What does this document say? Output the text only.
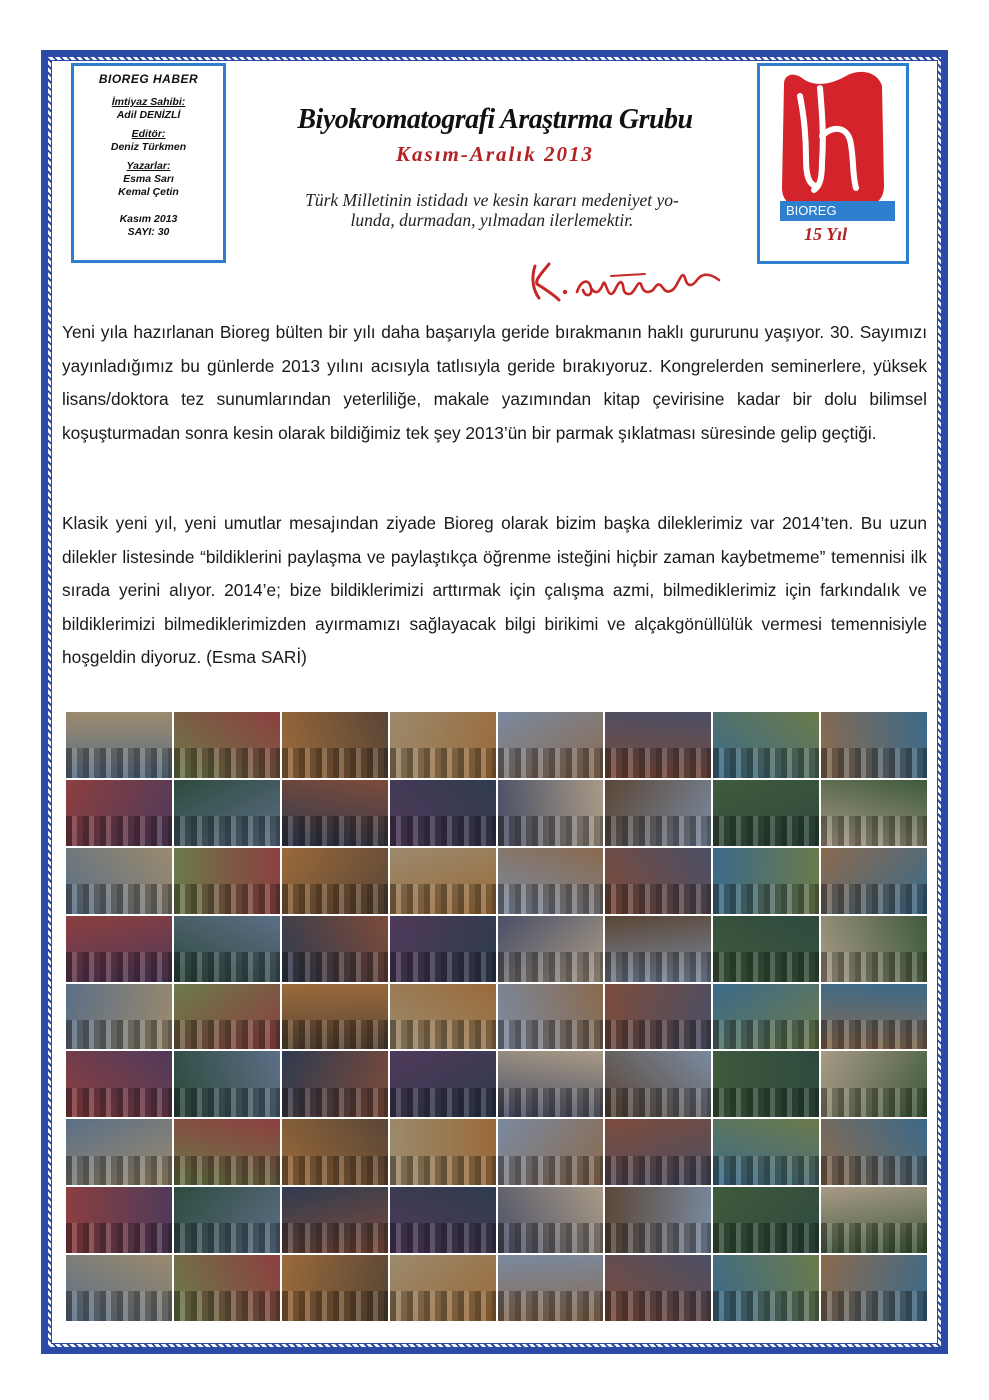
BIOREG HABER
İmtiyaz Sahibi:
Adil DENİZLİ
Editör:
Deniz Türkmen
Yazarlar:
Esma Sarı
Kemal Çetin
Kasım 2013
SAYI: 30
Biyokromatografi Araştırma Grubu
Kasım-Aralık 2013
Türk Milletinin istidadı ve kesin kararı medeniyet yo-
lunda, durmadan, yılmadan ilerlemektir.	BIOREG
15 Yıl
Yeni yıla hazırlanan Bioreg bülten bir yılı daha başarıyla geride bırakmanın haklı gururunu yaşıyor. 30. Sayımızı yayınladığımız bu günlerde 2013 yılını acısıyla tatlısıyla geride bırakıyoruz. Kongrelerden seminerlere, yüksek lisans/doktora tez sunumlarından yeterliliğe, makale yazımından kitap çevirisine kadar bir dolu bilimsel koşuşturmadan sonra kesin olarak bildiğimiz tek şey 2013’ün bir parmak şıklatması süresinde gelip geçtiği.
Klasik yeni yıl, yeni umutlar mesajından ziyade Bioreg olarak bizim başka dileklerimiz var 2014’ten. Bu uzun dilekler listesinde “bildiklerini paylaşma ve paylaştıkça öğrenme isteğini hiçbir zaman kaybetmeme” temennisi ilk sırada yerini alıyor. 2014’e; bize bildiklerimizi arttırmak için çalışma azmi, bilmediklerimiz için farkındalık ve bildiklerimizi bilmediklerimizden ayırmamızı sağlayacak bilgi birikimi ve alçakgönüllülük vermesi temennisiyle hoşgeldin diyoruz. (Esma SARİ)
